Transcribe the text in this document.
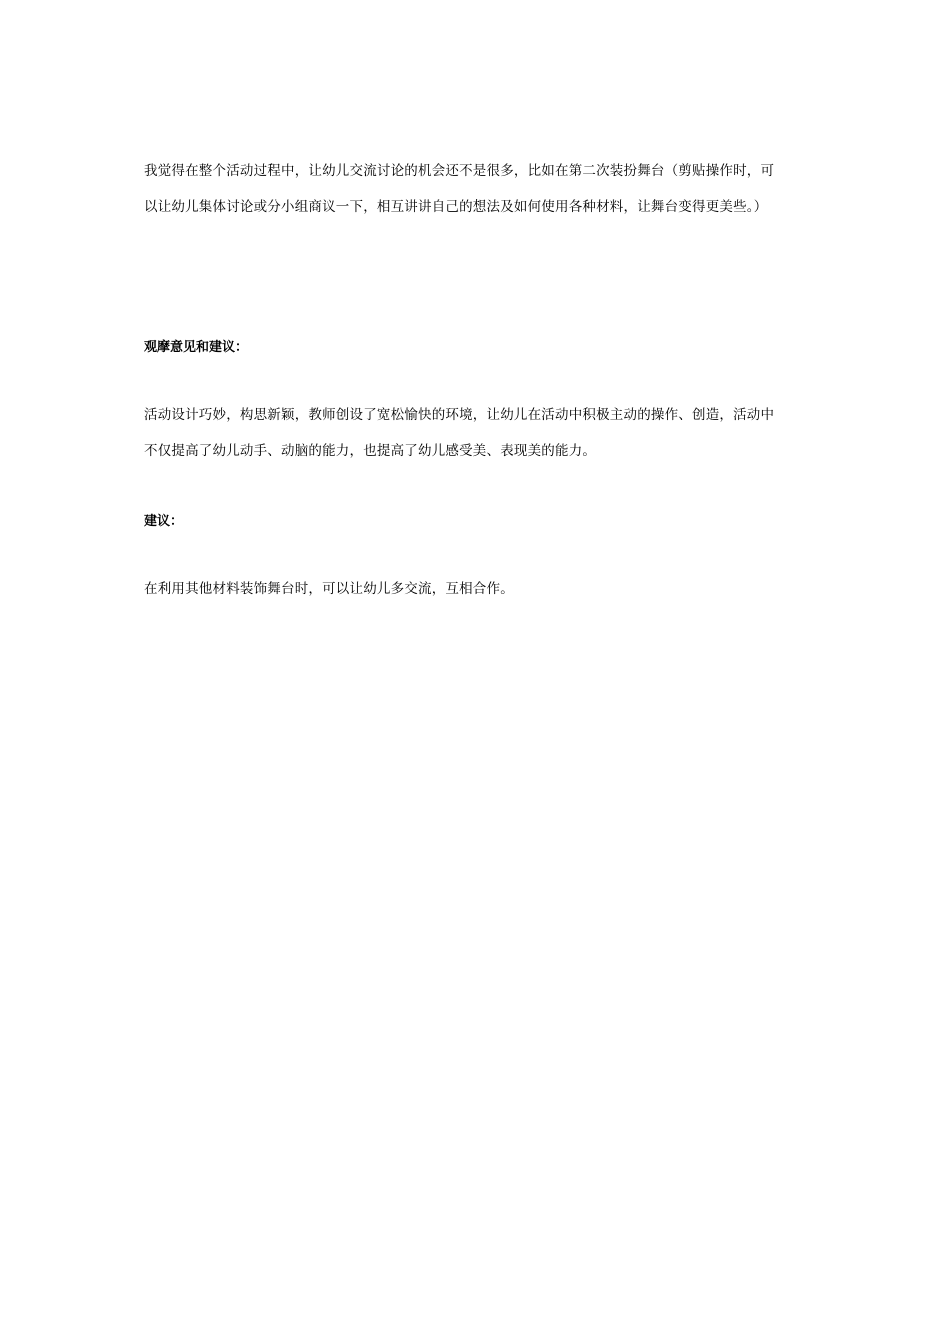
我觉得在整个活动过程中，让幼儿交流讨论的机会还不是很多，比如在第二次装扮舞台（剪贴操作时，可

以让幼儿集体讨论或分小组商议一下，相互讲讲自己的想法及如何使用各种材料，让舞台变得更美些。）

观摩意见和建议：

活动设计巧妙，构思新颖，教师创设了宽松愉快的环境，让幼儿在活动中积极主动的操作、创造，活动中

不仅提高了幼儿动手、动脑的能力，也提高了幼儿感受美、表现美的能力。

建议：

在利用其他材料装饰舞台时，可以让幼儿多交流，互相合作。
